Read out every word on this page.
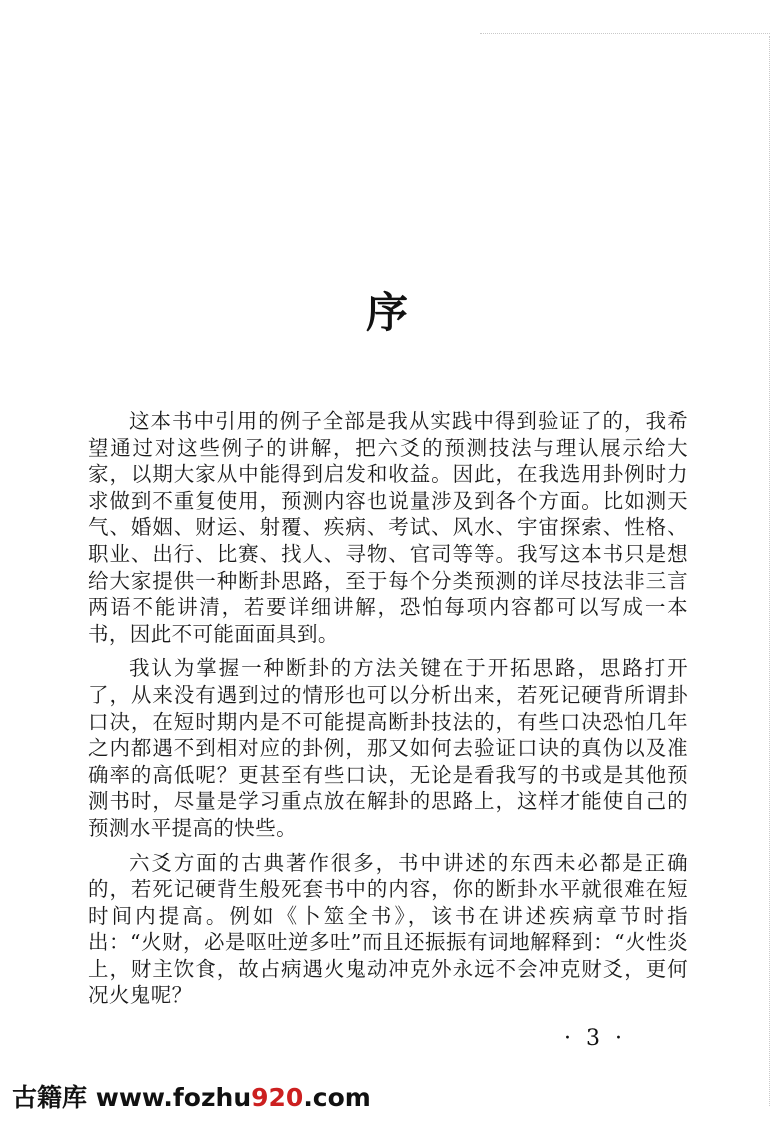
序

这本书中引用的例子全部是我从实践中得到验证了的，我希望通过对这些例子的讲解，把六爻的预测技法与理认展示给大家，以期大家从中能得到启发和收益。因此，在我选用卦例时力求做到不重复使用，预测内容也说量涉及到各个方面。比如测天气、婚姻、财运、射覆、疾病、考试、风水、宇宙探索、性格、职业、出行、比赛、找人、寻物、官司等等。我写这本书只是想给大家提供一种断卦思路，至于每个分类预测的详尽技法非三言两语不能讲清，若要详细讲解，恐怕每项内容都可以写成一本书，因此不可能面面具到。

我认为掌握一种断卦的方法关键在于开拓思路，思路打开了，从来没有遇到过的情形也可以分析出来，若死记硬背所谓卦口决，在短时期内是不可能提高断卦技法的，有些口决恐怕几年之内都遇不到相对应的卦例，那又如何去验证口诀的真伪以及准确率的高低呢？更甚至有些口诀，无论是看我写的书或是其他预测书时，尽量是学习重点放在解卦的思路上，这样才能使自己的预测水平提高的快些。

六爻方面的古典著作很多，书中讲述的东西未必都是正确的，若死记硬背生般死套书中的内容，你的断卦水平就很难在短时间内提高。例如《卜筮全书》，该书在讲述疾病章节时指出：“火财，必是呕吐逆多吐”而且还振振有词地解释到：“火性炎上，财主饮食，故占病遇火鬼动冲克外永远不会冲克财爻，更何况火鬼呢？

· 3 ·
古籍库 www.fozhu920.com
